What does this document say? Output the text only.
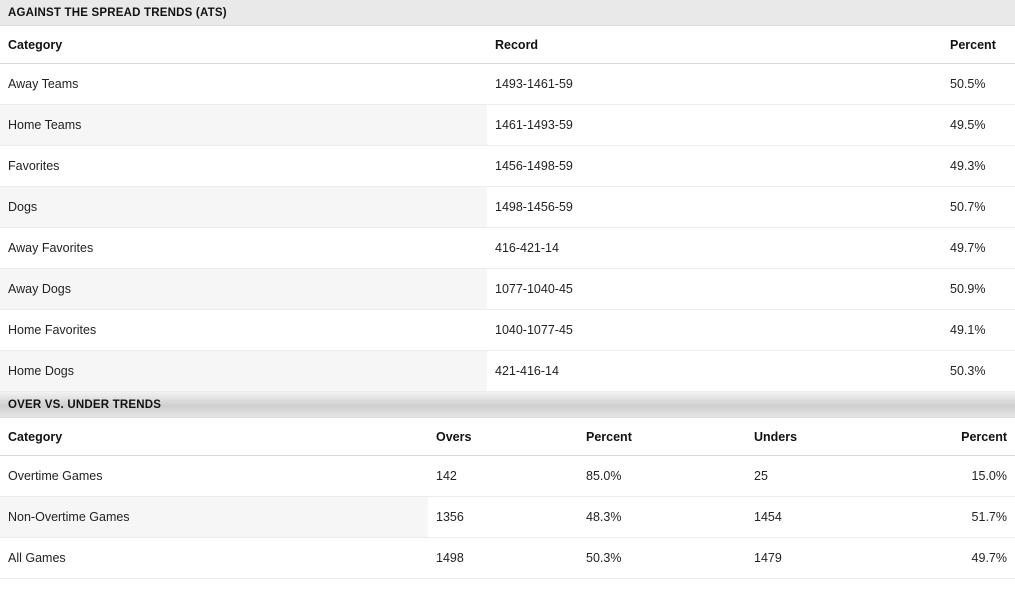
AGAINST THE SPREAD TRENDS (ATS)
Category	Record	Percent
Away Teams	1493-1461-59	50.5%
Home Teams	1461-1493-59	49.5%
Favorites	1456-1498-59	49.3%
Dogs	1498-1456-59	50.7%
Away Favorites	416-421-14	49.7%
Away Dogs	1077-1040-45	50.9%
Home Favorites	1040-1077-45	49.1%
Home Dogs	421-416-14	50.3%
OVER VS. UNDER TRENDS
Category	Overs	Percent	Unders	Percent
Overtime Games	142	85.0%	25	15.0%
Non-Overtime Games	1356	48.3%	1454	51.7%
All Games	1498	50.3%	1479	49.7%
